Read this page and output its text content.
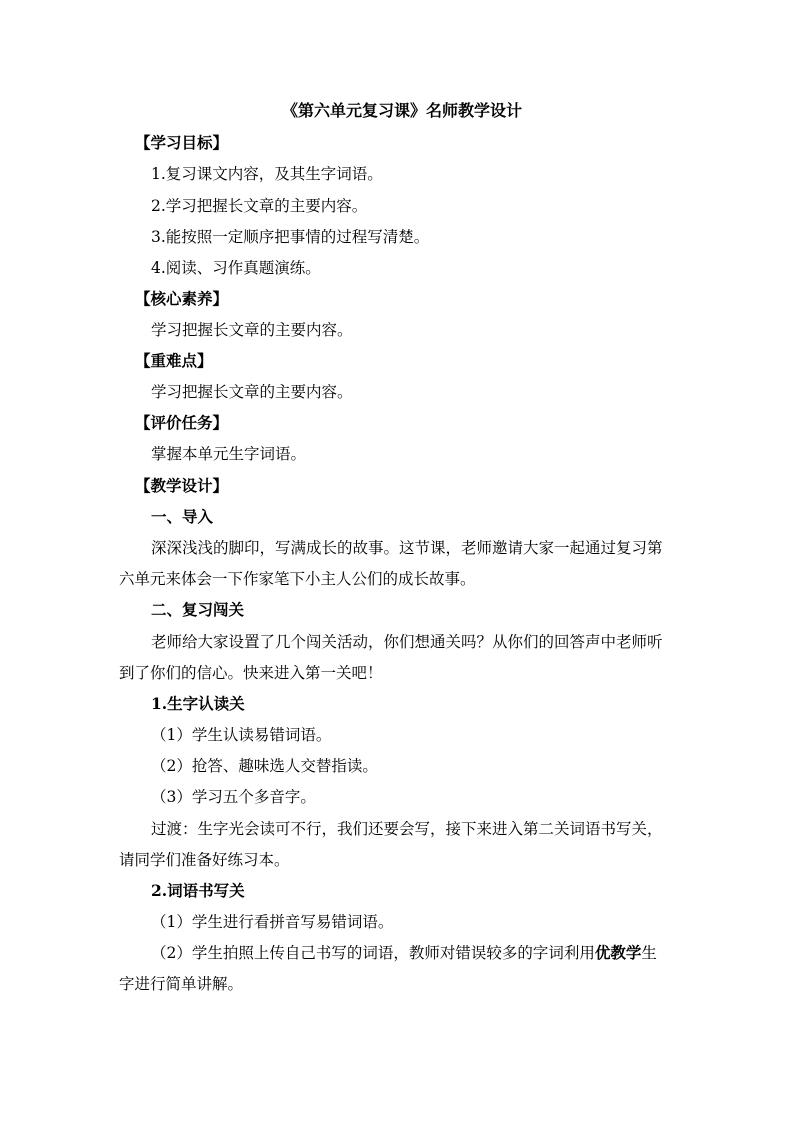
《第六单元复习课》名师教学设计
【学习目标】
1.复习课文内容，及其生字词语。
2.学习把握长文章的主要内容。
3.能按照一定顺序把事情的过程写清楚。
4.阅读、习作真题演练。
【核心素养】
学习把握长文章的主要内容。
【重难点】
学习把握长文章的主要内容。
【评价任务】
掌握本单元生字词语。
【教学设计】
一、导入
深深浅浅的脚印，写满成长的故事。这节课，老师邀请大家一起通过复习第
六单元来体会一下作家笔下小主人公们的成长故事。
二、复习闯关
老师给大家设置了几个闯关活动，你们想通关吗？从你们的回答声中老师听
到了你们的信心。快来进入第一关吧！
1.生字认读关
（1）学生认读易错词语。
（2）抢答、趣味选人交替指读。
（3）学习五个多音字。
过渡：生字光会读可不行，我们还要会写，接下来进入第二关词语书写关，
请同学们准备好练习本。
2.词语书写关
（1）学生进行看拼音写易错词语。
（2）学生拍照上传自己书写的词语，教师对错误较多的字词利用优教学生
字进行简单讲解。
